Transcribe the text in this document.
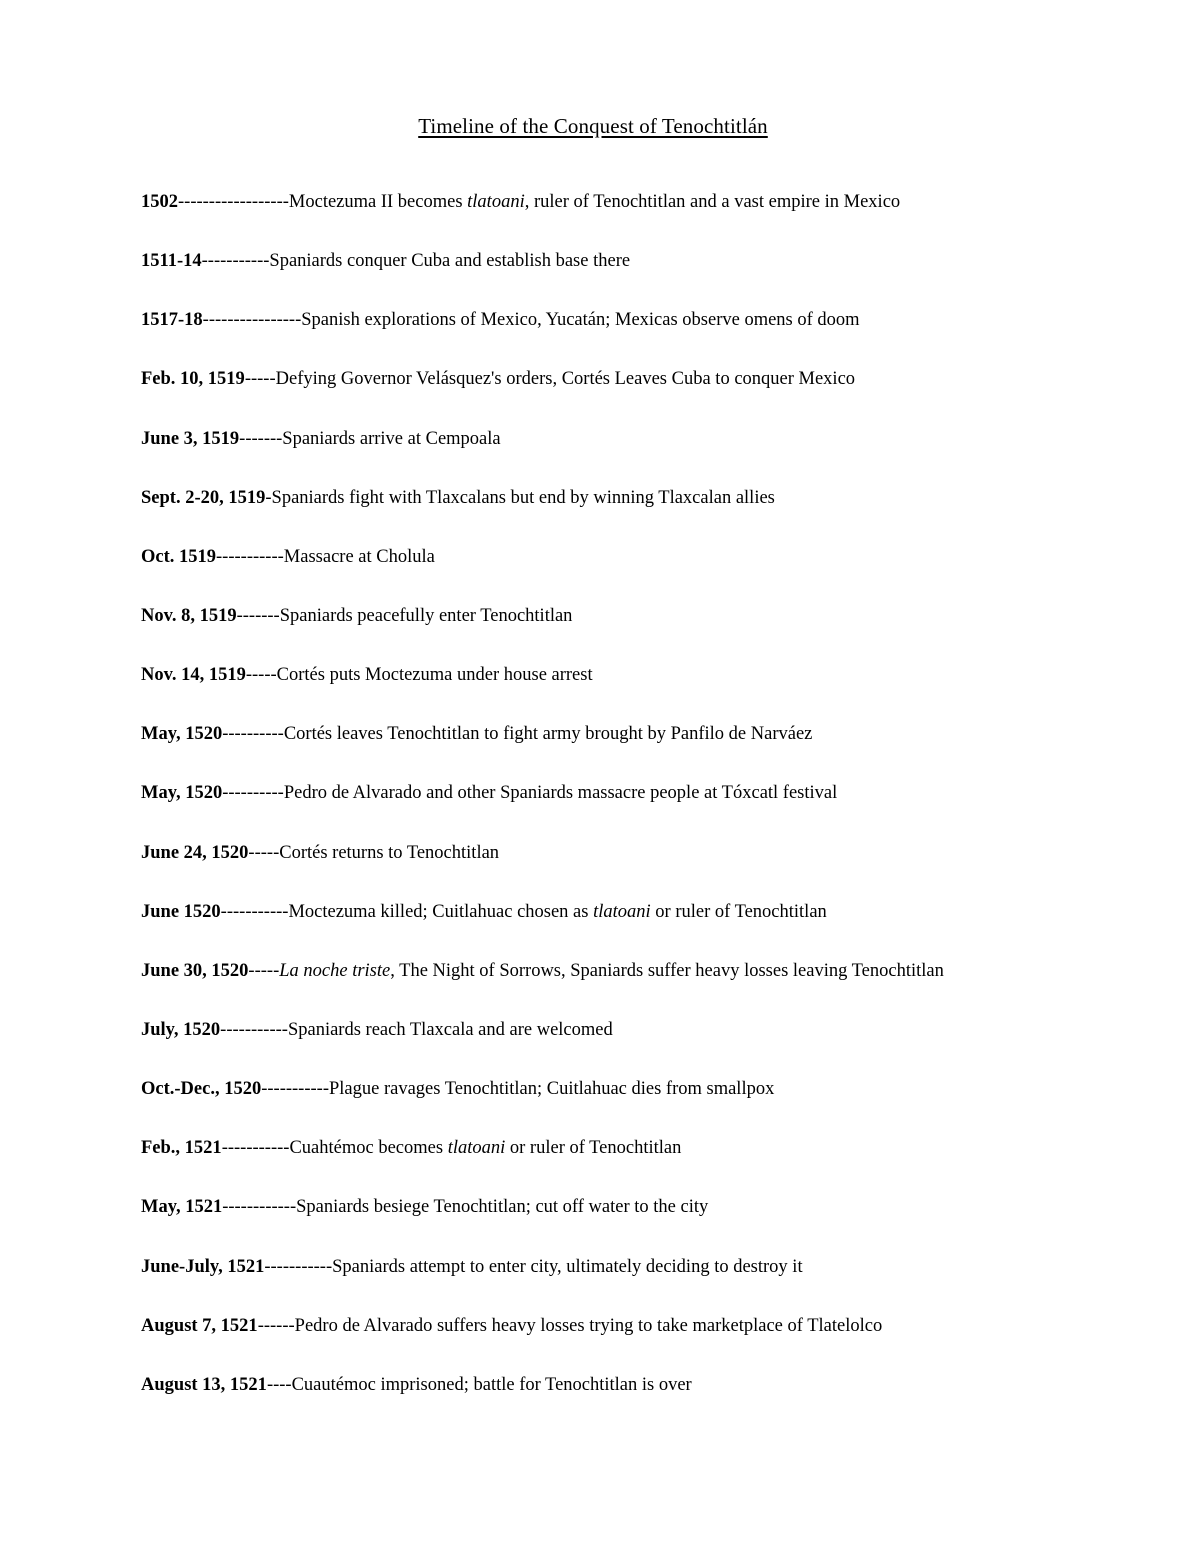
Timeline of the Conquest of Tenochtitlán
1502------------------Moctezuma II becomes tlatoani, ruler of Tenochtitlan and a vast empire in Mexico
1511-14-----------Spaniards conquer Cuba and establish base there
1517-18----------------Spanish explorations of Mexico, Yucatán; Mexicas observe omens of doom
Feb. 10, 1519-----Defying Governor Velásquez's orders, Cortés Leaves Cuba to conquer Mexico
June 3, 1519-------Spaniards arrive at Cempoala
Sept. 2-20, 1519-Spaniards fight with Tlaxcalans but end by winning Tlaxcalan allies
Oct. 1519-----------Massacre at Cholula
Nov. 8, 1519-------Spaniards peacefully enter Tenochtitlan
Nov. 14, 1519-----Cortés puts Moctezuma under house arrest
May, 1520----------Cortés leaves Tenochtitlan to fight army brought by Panfilo de Narváez
May, 1520----------Pedro de Alvarado and other Spaniards massacre people at Tóxcatl festival
June 24, 1520-----Cortés returns to Tenochtitlan
June 1520-----------Moctezuma killed; Cuitlahuac chosen as tlatoani or ruler of Tenochtitlan
June 30, 1520-----La noche triste, The Night of Sorrows, Spaniards suffer heavy losses leaving Tenochtitlan
July, 1520-----------Spaniards reach Tlaxcala and are welcomed
Oct.-Dec., 1520-----------Plague ravages Tenochtitlan; Cuitlahuac dies from smallpox
Feb., 1521-----------Cuahtémoc becomes tlatoani or ruler of Tenochtitlan
May, 1521------------Spaniards besiege Tenochtitlan; cut off water to the city
June-July, 1521-----------Spaniards attempt to enter city, ultimately deciding to destroy it
August 7, 1521------Pedro de Alvarado suffers heavy losses trying to take marketplace of Tlatelolco
August 13, 1521----Cuautémoc imprisoned; battle for Tenochtitlan is over
